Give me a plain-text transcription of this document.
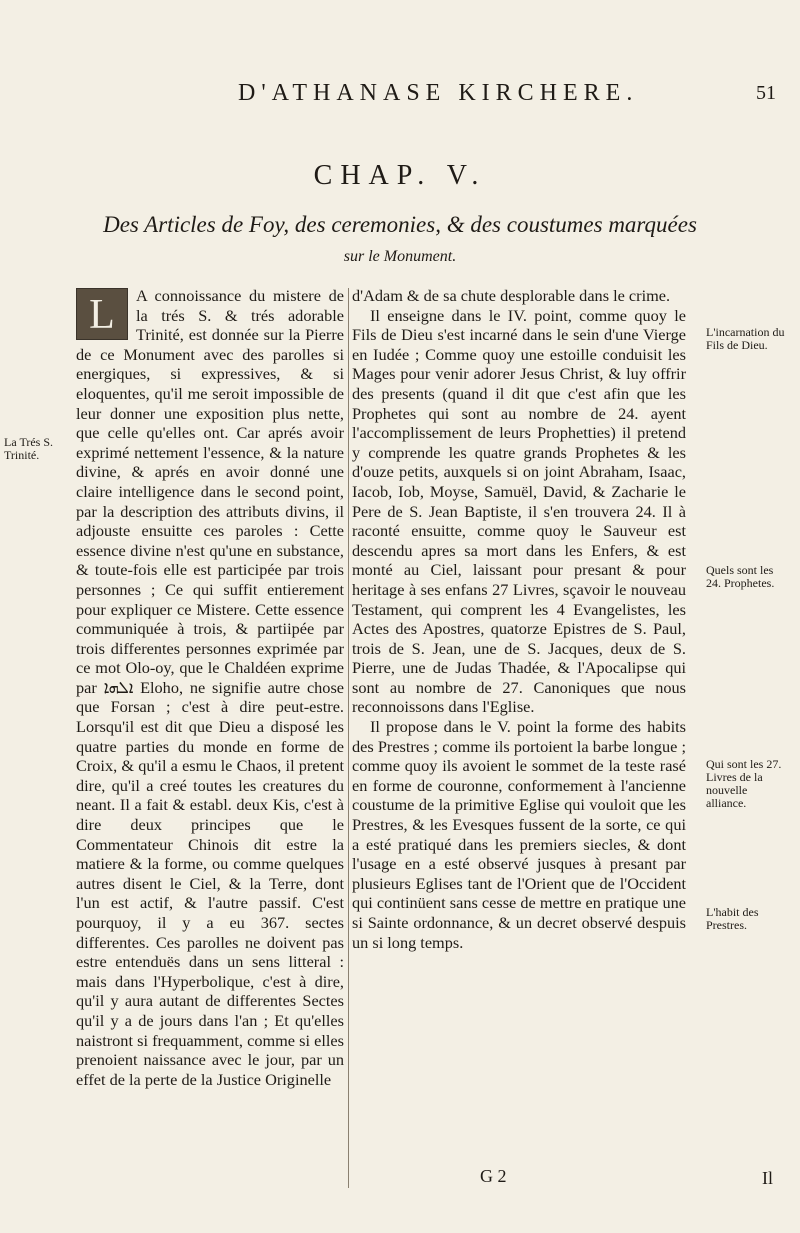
D'ATHANASE KIRCHERE.	51
CHAP. V.
Des Articles de Foy, des ceremonies, & des coustumes marquées
sur le Monument.
L	A connoissance du mistere de la trés S. & trés adorable Trinité, est donnée sur la Pierre de ce Monument avec des parolles si energiques, si expressives, & si eloquentes, qu'il me seroit impossible de leur donner une exposition plus nette, que celle qu'elles ont. Car aprés avoir exprimé nettement l'essence, & la nature divine, & aprés en avoir donné une claire intelligence dans le second point, par la description des attributs divins, il adjouste ensuitte ces paroles : Cette essence divine n'est qu'une en substance, & toute-fois elle est participée par trois personnes ; Ce qui suffit entierement pour expliquer ce Mistere. Cette essence communiquée à trois, & partiipée par trois differentes personnes exprimée par ce mot Olo-oy, que le Chaldéen exprime par ܐܠܗܐ Eloho, ne signifie autre chose que Forsan ; c'est à dire peut-estre. Lorsqu'il est dit que Dieu a disposé les quatre parties du monde en forme de Croix, & qu'il a esmu le Chaos, il pretent dire, qu'il a creé toutes les creatures du neant. Il a fait & establ. deux Kis, c'est à dire deux principes que le Commentateur Chinois dit estre la matiere & la forme, ou comme quelques autres disent le Ciel, & la Terre, dont l'un est actif, & l'autre passif. C'est pourquoy, il y a eu 367. sectes differentes. Ces parolles ne doivent pas estre entenduës dans un sens litteral : mais dans l'Hyperbolique, c'est à dire, qu'il y aura autant de differentes Sectes qu'il y a de jours dans l'an ; Et qu'elles naistront si frequamment, comme si elles prenoient naissance avec le jour, par un effet de la perte de la Justice Originelle

d'Adam & de sa chute desplorable dans le crime.

Il enseigne dans le IV. point, comme quoy le Fils de Dieu s'est incarné dans le sein d'une Vierge en Iudée ; Comme quoy une estoille conduisit les Mages pour venir adorer Jesus Christ, & luy offrir des presents (quand il dit que c'est afin que les Prophetes qui sont au nombre de 24. ayent l'accomplissement de leurs Prophetties) il pretend y comprende les quatre grands Prophetes & les d'ouze petits, auxquels si on joint Abraham, Isaac, Iacob, Iob, Moyse, Samuël, David, & Zacharie le Pere de S. Jean Baptiste, il s'en trouvera 24. Il à raconté ensuitte, comme quoy le Sauveur est descendu apres sa mort dans les Enfers, & est monté au Ciel, laissant pour presant & pour heritage à ses enfans 27 Livres, sçavoir le nouveau Testament, qui comprent les 4 Evangelistes, les Actes des Apostres, quatorze Epistres de S. Paul, trois de S. Jean, une de S. Jacques, deux de S. Pierre, une de Judas Thadée, & l'Apocalipse qui sont au nombre de 27. Canoniques que nous reconnoissons dans l'Eglise.

Il propose dans le V. point la forme des habits des Prestres ; comme ils portoient la barbe longue ; comme quoy ils avoient le sommet de la teste rasé en forme de couronne, conformement à l'ancienne coustume de la primitive Eglise qui vouloit que les Prestres, & les Evesques fussent de la sorte, ce qui a esté pratiqué dans les premiers siecles, & dont l'usage en a esté observé jusques à presant par plusieurs Eglises tant de l'Orient que de l'Occident qui continüent sans cesse de mettre en pratique une si Sainte ordonnance, & un decret observé despuis un si long temps.

La Trés S. Trinité.
L'incarnation du Fils de Dieu.
Quels sont les 24. Prophetes.
Qui sont les 27. Livres de la nouvelle alliance.
L'habit des Prestres.
G 2	Il
